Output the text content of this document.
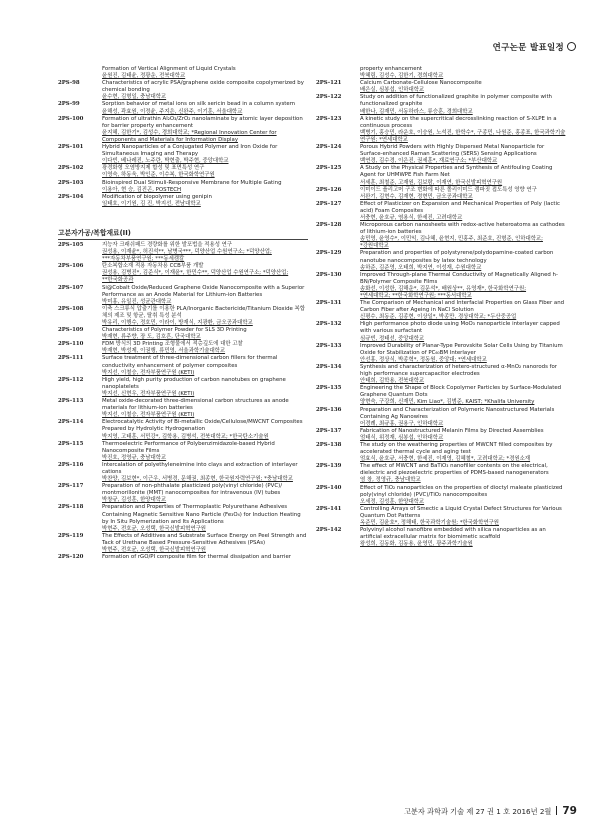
연구논문 발표일정
Formation of Vertical Alignment of Liquid Crystals
윤원진, 김태윤, 정광운, 전북대학교
2PS-98	Characteristics of acrylic PSA/graphene oxide composite copolymerized by chemical bonding
윤수현, 김형일, 충남대학교
2PS-99	Sorption behavior of metal ions on silk sericin bead in a column system
윤해성, 곽효원, 이정윤, 주지은, 신완주, 이기훈, 서울대학교
2PS-100	Formation of ultrathin Al₂O₃/ZrO₂ nanolaminate by atomic layer deposition for barrier property enhancement
윤지혜, 김한기*, 김성수, 경희대학교; *Regional Innovation Center for Components and Materials for Information Display
2PS-101	Hybrid Nanoparticles of a Conjugated Polymer and Iron Oxide for Simultaneous Imaging and Therapy
이다빈, 베나레진, 노주란, 박현출, 박주현, 중앙대학교
2PS-102	광경화형 오염방지제 합성 및 표면특성 연구
이영숙, 하동욱, 박인준, 이수복, 한국화학연구원
2PS-103	Bioinspired Dual Stimuli-Responsive Membrane for Multiple Gating
이용아, 현 승, 김진곤, POSTECH
2PS-104	Modification of biopolymer using genipin
임태호, 이기원, 김 진, 박지선, 전남대학교
고분자가공/복합재료(II)
2PS-105	지능자 크래쉬패드 경량화를 위한 발포법을 적용성 연구
권성용, 이재윤*, 허진석**, 남병국***, 덕양산업 수원연구소; *덕양산업;
***자동차부품연구원; ***동세켐칼
2PS-106	탄소복합소재 적용 자동차용 CCB부품 개발
권성용, 김병진*, 김준식*, 이재윤*, 한민수**, 덕양산업 수원연구소; *덕양산업;
**한국화공과
2PS-107	Si@Cobalt Oxide/Reduced Graphene Oxide Nanocomposite with a Superior Performance as an Anode Material for Lithium-ion Batteries
박미홍, 유일진, 성균관대학교
2PS-108	이축 스크류식 압출기를 이용한 PLA/Inorganic Bactericide/Titanium Dioxide 복합체의 제조 및 항균, 탈취 특성 분석
박유리, 이행수, 정호민, 이라이, 방재식, 지광환, 금오공과대학교
2PS-109	Characteristics of Polymer Powder for SLS 3D Printing
박재현, 류주향, 장 도, 김호흔, 단국대학교
2PS-110	FDM 방식의 3D Printing 조형물에서 적층깊도에 대한 고찰
박재현, 박성제, 이권행, 류민영, 서울과학기술대학교
2PS-111	Surface treatment of three-dimensional carbon fillers for thermal conductivity enhancement of polymer composites
박지선, 이철승, 전자부품연구원 (KETI)
2PS-112	High yield, high purity production of carbon nanotubes on graphene nanoplatelets
박지선, 신현우, 전자부품연구원 (KETI)
2PS-113	Metal oxide-decorated three-dimensional carbon structures as anode materials for lithium-ion batteries
박지선, 이철승, 전자부품연구원 (KETI)
2PS-114	Electrocatalytic Activity of Bi-metallic Oxide/Cellulose/MWCNT Composites Prepared by Hydrolytic Hydrogenation
박지영, 고태훈, 서민강*, 김학용, 김병석, 전북대학교; *한국탄소기술원
2PS-115	Thermoelectric Performance of Polybenzimidazole-based Hybrid Nanocomposite Films
박진호, 정영규, 충남대학교
2PS-116	Intercalation of polyethyleneimine into clays and extraction of interlayer cations
박찬양, 김보현*, 이근우, 서병경, 문해권, 최종현, 한국원자력연구원; *충남대학교
2PS-117	Preparation of non-phthalate plasticized poly(vinyl chloride) (PVC)/ montmorillonite (MMT) nanocomposites for intravenous (IV) tubes
박창규, 김성훈, 한양대학교
2PS-118	Preparation and Properties of Thermoplastic Polyurethane Adhesives Containing Magnetic Sensitive Nano Particle (Fe₃O₄) for Induction Heating by In Situ Polymerization and Its Applications
박현주, 전호균, 오성택, 한국신발피혁연구원
2PS-119	The Effects of Additives and Substrate Surface Energy on Peel Strength and Tack of Urethane Based Pressure-Sensitive Adhesives (PSAs)
박현주, 전호균, 오성택, 한국신발피혁연구원
2PS-120	Formation of rGO/PI composite film for thermal dissipation and barrier
property enhancement
박혜림, 김성수, 김한기, 경희대학교
2PS-121	Calcium Carbonate-Cellulose Nanocomposite
배은실, 심봉섭, 인하대학교
2PS-122	Study on addition of functionalized graphite in polymer composite with functionalized graphite
배한나, 김재민, 서동하라스, 류승훈, 경희대학교
2PS-123	A kinetic study on the supercritical decrosslinking reaction of S-XLPE in a continuous process
백병기, 홍승민, 라운호, 이승원, 노석진, 한학수*, 구종민, 나원준, 홍종표, 한국과학기술연구원; *연세대학교
2PS-124	Porous Hybrid Powders with Highly Dispersed Metal Nanoparticle for Surface-enhanced Raman Scattering (SERS) Sensing Applications
백연경, 김수경, 이은진, 권세훈*, 재료연구소; *부산대학교
2PS-125	A Study on the Physical Properties and Synthesis of Antifouling Coating Agent for UHMWPE Fish Farm Net
서세훈, 최철준, 고재원, 김보람, 이재연, 한국신발피혁연구원
2PS-126	이미이드 플리고머 구조 변화에 따른 폴리이미드 캠파짓 접도특성 영향 연구
서완기, 김현수, 김재현, 정현민, 금오공과대학교
2PS-127	Effect of Plasticizer on Expansion and Mechanical Properties of Poly (lactic acid) Foam Composites
서충현, 윤호규, 염용식, 한세진, 고려대학교
2PS-128	Microporous carbon nanosheets with redox-active heteroatoms as cathodes of lithium-ion batteries
송민영, 윤영수*, 이민익, 김나혜, 윤현지, 민홍주, 최준호, 진형준, 인하대학교;
*강원대학교
2PS-129	Preparation and properties of polystyrene/polydopamine-coated carbon nanotube nanocomposites by latex technology
송하준, 김준영, 오태희, 박지연, 이성재, 수원대학교
2PS-130	Improved Through-plane Thermal Conductivity of Magnetically Aligned h-BN/Polymer Composite Films
송화선, 이성한, 김해운*, 김문석*, 배원상**, 유영재*, 한국화학연구원;
*연세대학교; **한국화학연구원; ***동서대학교
2PS-131	The Comparison of Mechanical and Interfacial Properties on Glass Fiber and Carbon Fiber after Ageing in NaCl Solution
신평수, 최동준, 김종현, 이상일*, 박종만, 경상대학교; *두산중공업
2PS-132	High performance photo diode using MoO₃ nanoparticle interlayer capped with various surfactant
심규빈, 정태선, 중앙대학교
2PS-133	Improved Durability of Planar-Type Perovskite Solar Cells Using by Titanium Oxide for Stabilization of PC₆₀BM Interlayer
안선홍, 정상식, 박종혁*, 정동원, 중앙대; *연세대학교
2PS-134	Synthesis and characterization of hetero-structured α-MnO₂ nanorods for high performance supercapacitor electrodes
안태희, 김학용, 전북대학교
2PS-135	Engineering the Shape of Block Copolymer Particles by Surface-Modulated Graphene Quantum Dots
양현숙, 구강희, 신재민, Kim Liao*, 김범준, KAIST; *Khalifa University
2PS-136	Preparation and Characterization of Polymeric Nanostructured Materials Containing Ag Nanowires
어경례, 최규홍, 권용구, 인하대학교
2PS-137	Fabrication of Nanostructured Melanin Films by Directed Assemblies
엄태식, 위정재, 심봉섭, 인하대학교
2PS-138	The study on the weathering properties of MWCNT filled composites by accelerated thermal cycle and aging test
엄효식, 윤호규, 서충현, 한세진, 이재영, 김혜철*, 고려대학교; *경원소재
2PS-139	The effect of MWCNT and BaTiO₃ nanofiller contents on the electrical, dielectric and piezoelectric properties of PDMS-based nanogenerators
염 창, 정영규, 충남대학교
2PS-140	Effect of TiO₂ nanoparticles on the properties of dioctyl maleate plasticized poly(vinyl chloride) (PVC)/TiO₂ nanocomposites
오세정, 김성훈, 한양대학교
2PS-141	Controlling Arrays of Smectic a Liquid Crystal Defect Structures for Various Quantum Dot Patterns
옥준민, 김윤호*, 정해태, 한국과학기술원; *한국화학연구원
2PS-142	Polyvinyl alcohol nanofibre embedded with silica nanoparticles as an artificial extracellular matrix for biomimetic scaffold
왕성희, 김동화, 김동용, 윤영민, 광주과학기술원
고분자 과학과 기술 제 27 권 1 호 2016년 2월 79
